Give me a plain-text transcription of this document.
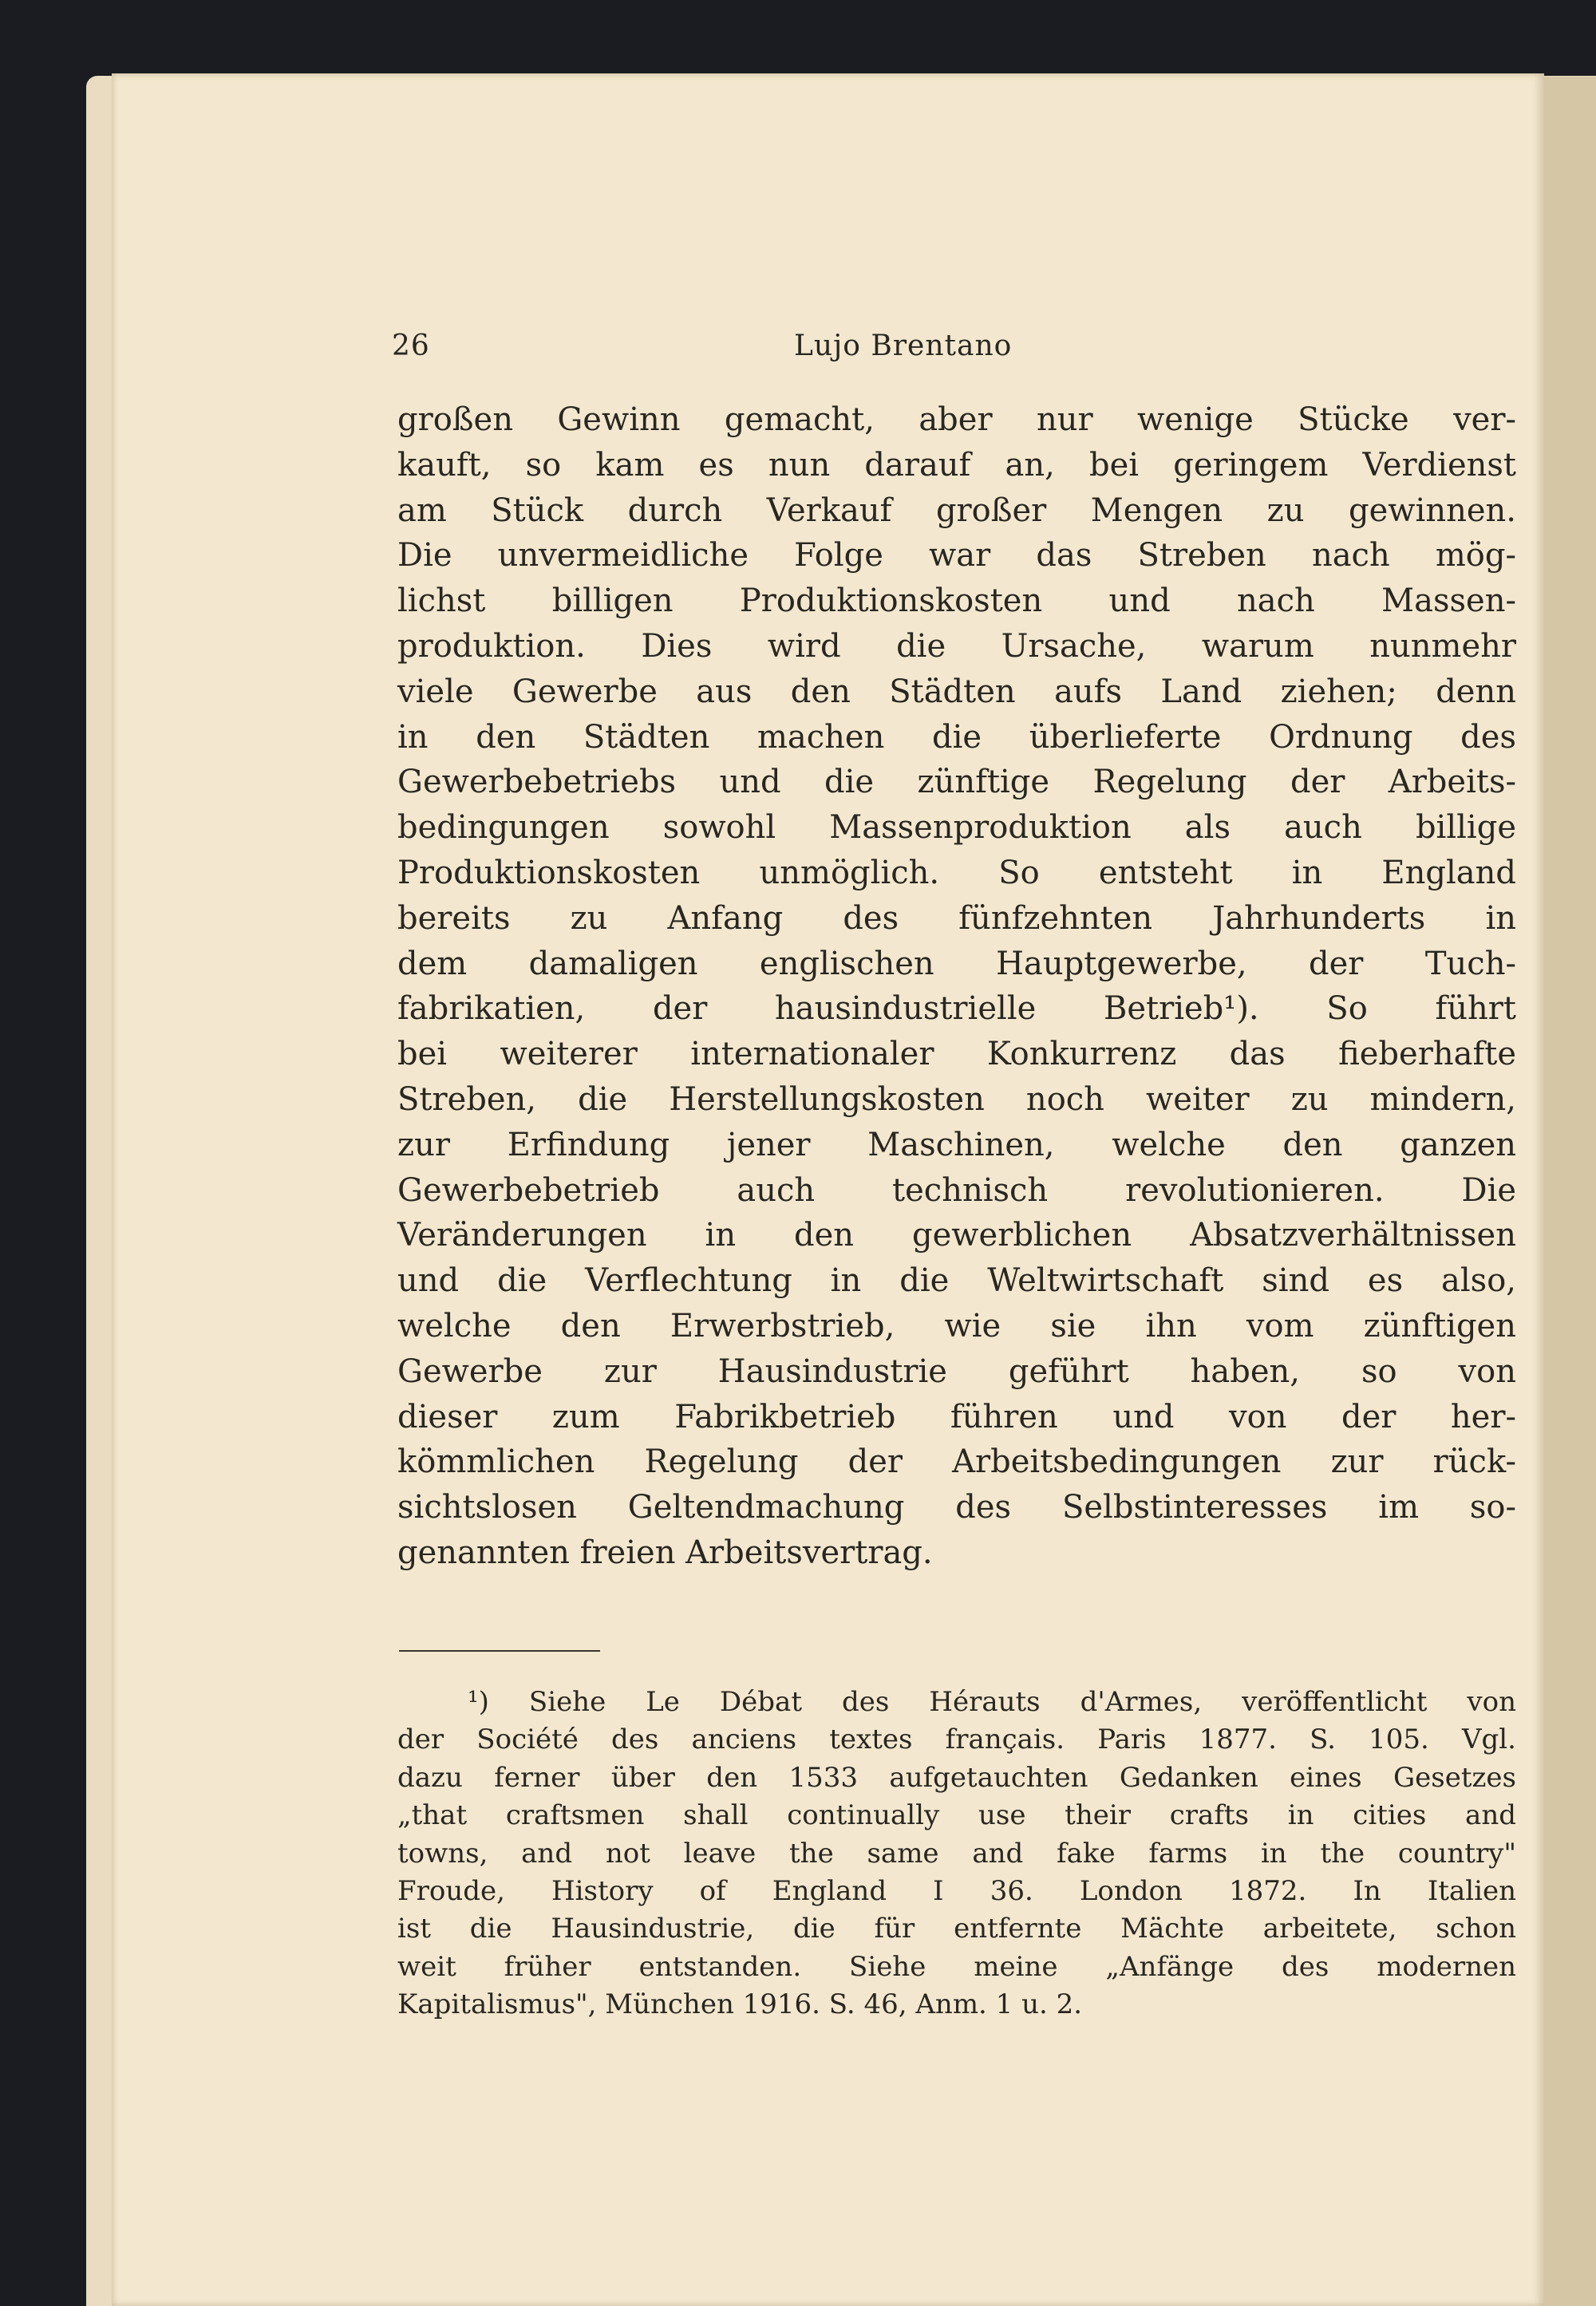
26	Lujo Brentano
großen Gewinn gemacht, aber nur wenige Stücke ver-
kauft, so kam es nun darauf an, bei geringem Verdienst
am Stück durch Verkauf großer Mengen zu gewinnen.
Die unvermeidliche Folge war das Streben nach mög-
lichst billigen Produktionskosten und nach Massen-
produktion. Dies wird die Ursache, warum nunmehr
viele Gewerbe aus den Städten aufs Land ziehen; denn
in den Städten machen die überlieferte Ordnung des
Gewerbebetriebs und die zünftige Regelung der Arbeits-
bedingungen sowohl Massenproduktion als auch billige
Produktionskosten unmöglich. So entsteht in England
bereits zu Anfang des fünfzehnten Jahrhunderts in
dem damaligen englischen Hauptgewerbe, der Tuch-
fabrikatien, der hausindustrielle Betrieb¹). So führt
bei weiterer internationaler Konkurrenz das fieberhafte
Streben, die Herstellungskosten noch weiter zu mindern,
zur Erfindung jener Maschinen, welche den ganzen
Gewerbebetrieb auch technisch revolutionieren. Die
Veränderungen in den gewerblichen Absatzverhältnissen
und die Verflechtung in die Weltwirtschaft sind es also,
welche den Erwerbstrieb, wie sie ihn vom zünftigen
Gewerbe zur Hausindustrie geführt haben, so von
dieser zum Fabrikbetrieb führen und von der her-
kömmlichen Regelung der Arbeitsbedingungen zur rück-
sichtslosen Geltendmachung des Selbstinteresses im so-
genannten freien Arbeitsvertrag.
¹) Siehe Le Débat des Hérauts d'Armes, veröffentlicht von
der Société des anciens textes français. Paris 1877. S. 105. Vgl.
dazu ferner über den 1533 aufgetauchten Gedanken eines Gesetzes
„that craftsmen shall continually use their crafts in cities and
towns, and not leave the same and fake farms in the country"
Froude, History of England I 36. London 1872. In Italien
ist die Hausindustrie, die für entfernte Mächte arbeitete, schon
weit früher entstanden. Siehe meine „Anfänge des modernen
Kapitalismus", München 1916. S. 46, Anm. 1 u. 2.
